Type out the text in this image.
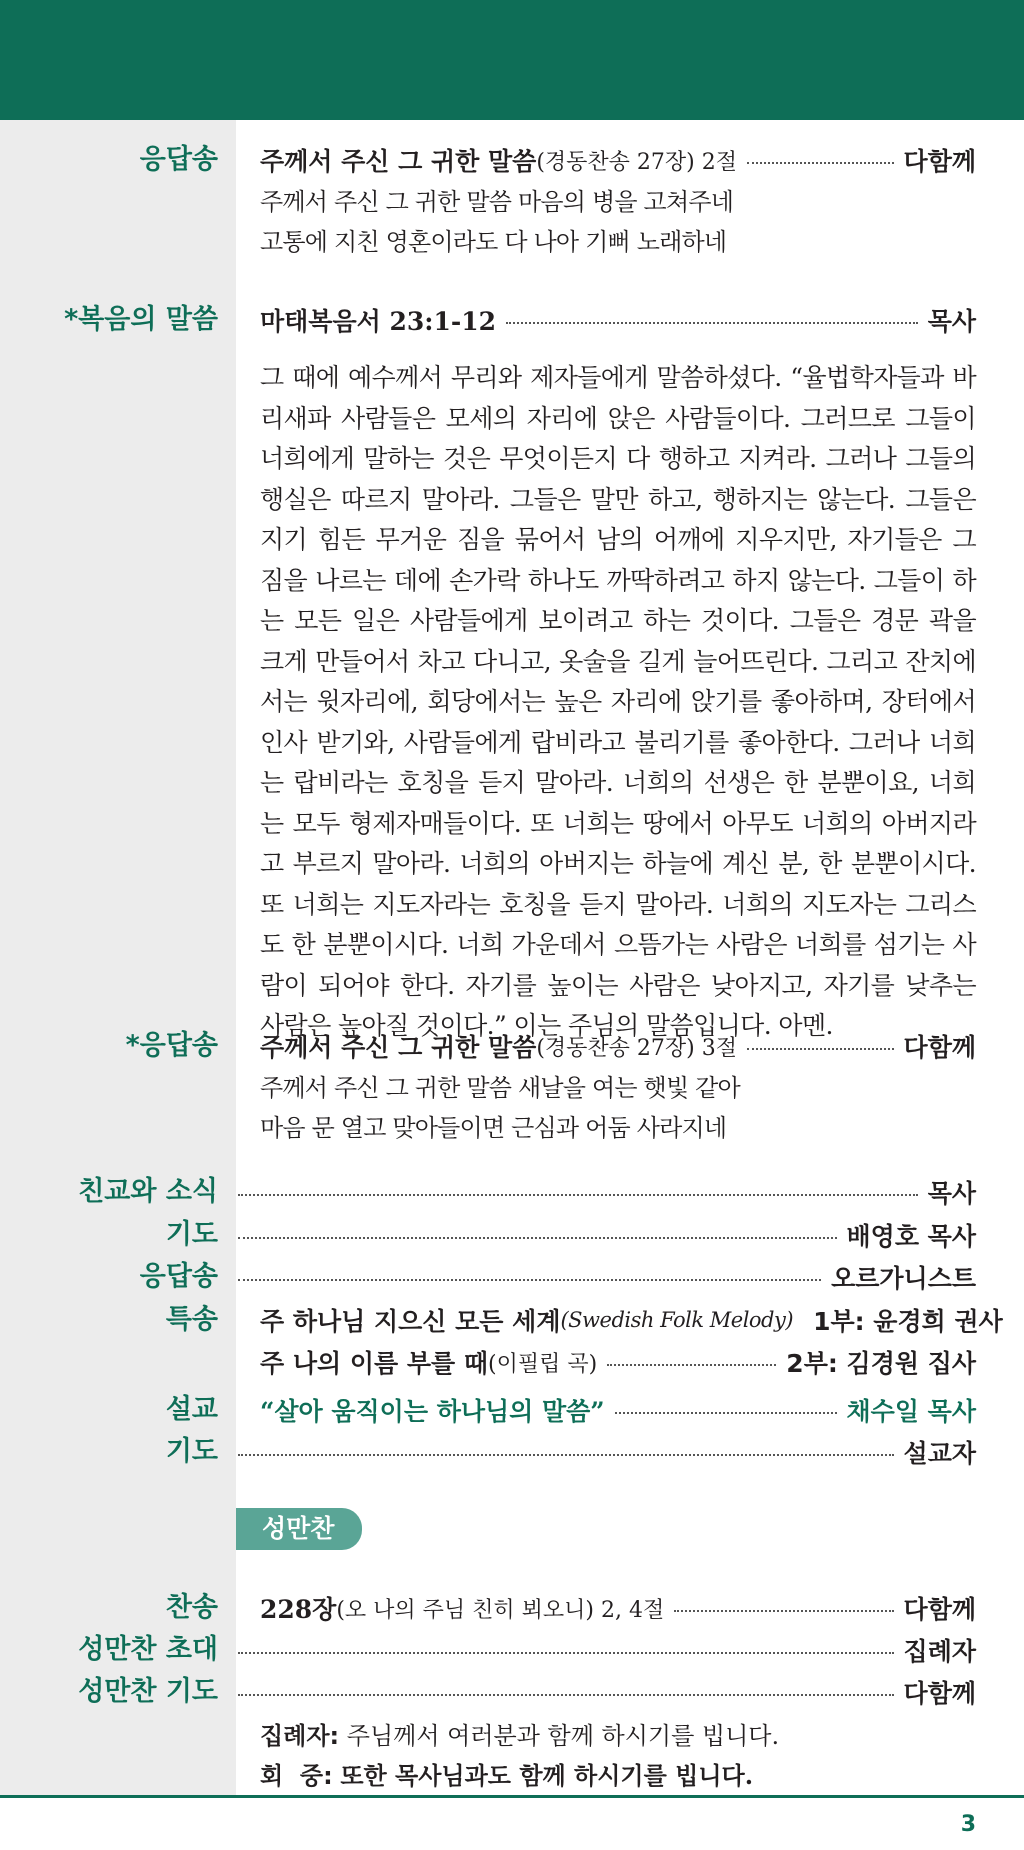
응답송 주께서 주신 그 귀한 말씀 (경동찬송 27장) 2절	다함께
주께서 주신 그 귀한 말씀 마음의 병을 고쳐주네
고통에 지친 영혼이라도 다 나아 기뻐 노래하네
*복음의 말씀 마태복음서 23:1-12	목사
그 때에 예수께서 무리와 제자들에게 말씀하셨다. “율법학자들과 바리새파 사람들은 모세의 자리에 앉은 사람들이다. 그러므로 그들이 너희에게 말하는 것은 무엇이든지 다 행하고 지켜라. 그러나 그들의 행실은 따르지 말아라. 그들은 말만 하고, 행하지는 않는다. 그들은 지기 힘든 무거운 짐을 묶어서 남의 어깨에 지우지만, 자기들은 그 짐을 나르는 데에 손가락 하나도 까딱하려고 하지 않는다. 그들이 하는 모든 일은 사람들에게 보이려고 하는 것이다. 그들은 경문 곽을 크게 만들어서 차고 다니고, 옷술을 길게 늘어뜨린다. 그리고 잔치에서는 윗자리에, 회당에서는 높은 자리에 앉기를 좋아하며, 장터에서 인사 받기와, 사람들에게 랍비라고 불리기를 좋아한다. 그러나 너희는 랍비라는 호칭을 듣지 말아라. 너희의 선생은 한 분뿐이요, 너희는 모두 형제자매들이다. 또 너희는 땅에서 아무도 너희의 아버지라고 부르지 말아라. 너희의 아버지는 하늘에 계신 분, 한 분뿐이시다. 또 너희는 지도자라는 호칭을 듣지 말아라. 너희의 지도자는 그리스도 한 분뿐이시다. 너희 가운데서 으뜸가는 사람은 너희를 섬기는 사람이 되어야 한다. 자기를 높이는 사람은 낮아지고, 자기를 낮추는 사람은 높아질 것이다.” 이는 주님의 말씀입니다. 아멘.
*응답송 주께서 주신 그 귀한 말씀 (경동찬송 27장) 3절	다함께
주께서 주신 그 귀한 말씀 새날을 여는 햇빛 같아
마음 문 열고 맞아들이면 근심과 어둠 사라지네
친교와 소식	목사
기도	배영호 목사
응답송	오르가니스트
특송 주 하나님 지으신 모든 세계 (Swedish Folk Melody) 1부: 윤경희 권사
주 나의 이름 부를 때 (이필립 곡)	2부: 김경원 집사
설교 “살아 움직이는 하나님의 말씀”	채수일 목사
기도	설교자
성만찬
찬송 228장 (오 나의 주님 친히 뵈오니) 2, 4절	다함께
성만찬 초대	집례자
성만찬 기도	다함께
집례자: 주님께서 여러분과 함께 하시기를 빕니다.
회  중: 또한 목사님과도 함께 하시기를 빕니다.
3
